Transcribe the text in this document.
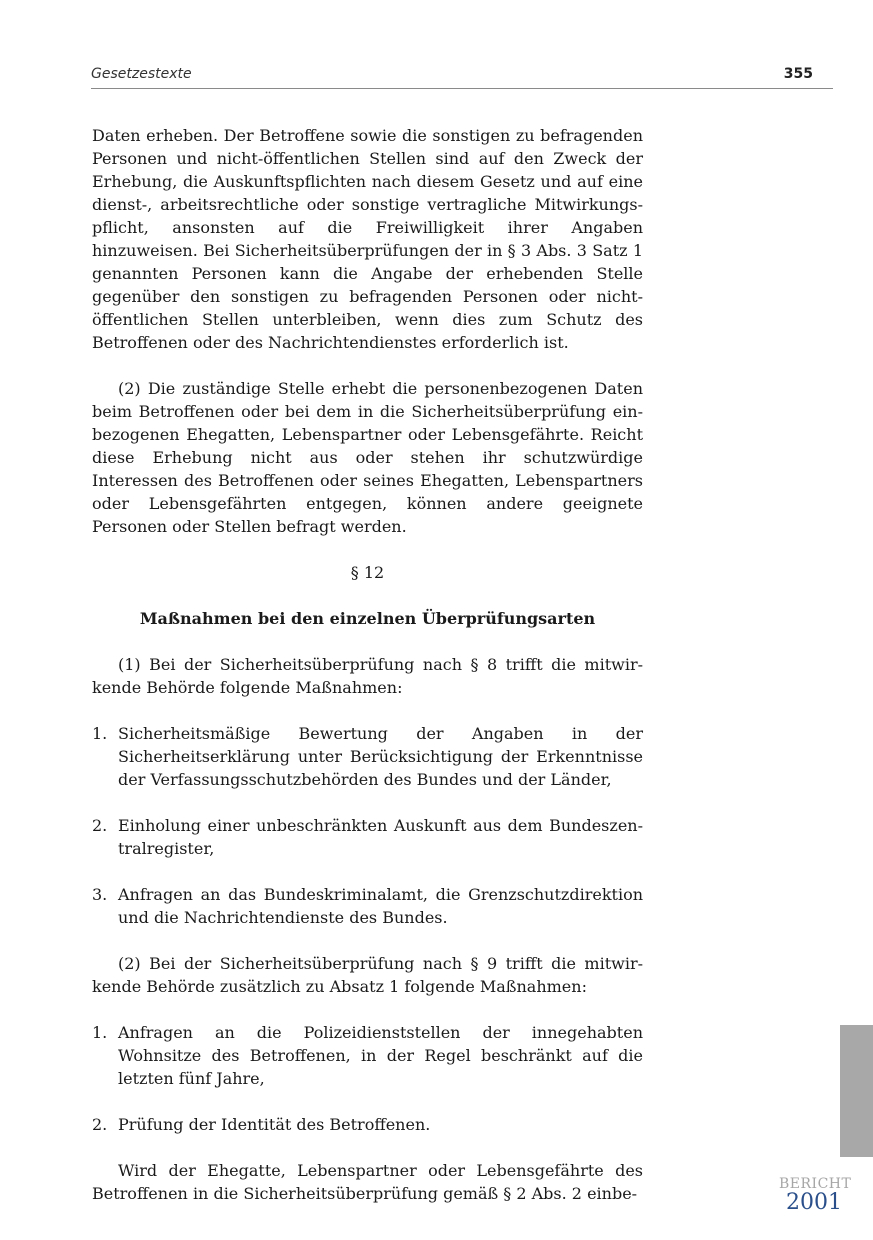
Gesetzestexte	355

Daten erheben. Der Betroffene sowie die sonstigen zu befragenden Personen und nicht-öffentlichen Stellen sind auf den Zweck der Erhebung, die Auskunftspflichten nach diesem Gesetz und auf eine dienst-, arbeitsrechtliche oder sonstige vertragliche Mitwirkungspflicht, ansonsten auf die Freiwilligkeit ihrer Angaben hinzuweisen. Bei Sicherheitsüberprüfungen der in § 3 Abs. 3 Satz 1 genannten Personen kann die Angabe der erhebenden Stelle gegenüber den sonstigen zu befragenden Personen oder nicht-öffentlichen Stellen unterbleiben, wenn dies zum Schutz des Betroffenen oder des Nachrichtendienstes erforderlich ist.

(2) Die zuständige Stelle erhebt die personenbezogenen Daten beim Betroffenen oder bei dem in die Sicherheitsüberprüfung einbezogenen Ehegatten, Lebenspartner oder Lebensgefährte. Reicht diese Erhebung nicht aus oder stehen ihr schutzwürdige Interessen des Betroffenen oder seines Ehegatten, Lebenspartners oder Lebensgefährten entgegen, können andere geeignete Personen oder Stellen befragt werden.

§ 12

Maßnahmen bei den einzelnen Überprüfungsarten

(1) Bei der Sicherheitsüberprüfung nach § 8 trifft die mitwirkende Behörde folgende Maßnahmen:

1. Sicherheitsmäßige Bewertung der Angaben in der Sicherheitserklärung unter Berücksichtigung der Erkenntnisse der Verfassungsschutzbehörden des Bundes und der Länder,
2. Einholung einer unbeschränkten Auskunft aus dem Bundeszentralregister,
3. Anfragen an das Bundeskriminalamt, die Grenzschutzdirektion und die Nachrichtendienste des Bundes.

(2) Bei der Sicherheitsüberprüfung nach § 9 trifft die mitwirkende Behörde zusätzlich zu Absatz 1 folgende Maßnahmen:

1. Anfragen an die Polizeidienststellen der innegehabten Wohnsitze des Betroffenen, in der Regel beschränkt auf die letzten fünf Jahre,
2. Prüfung der Identität des Betroffenen.

Wird der Ehegatte, Lebenspartner oder Lebensgefährte des Betroffenen in die Sicherheitsüberprüfung gemäß § 2 Abs. 2 einbe-	BERICHT
2001
